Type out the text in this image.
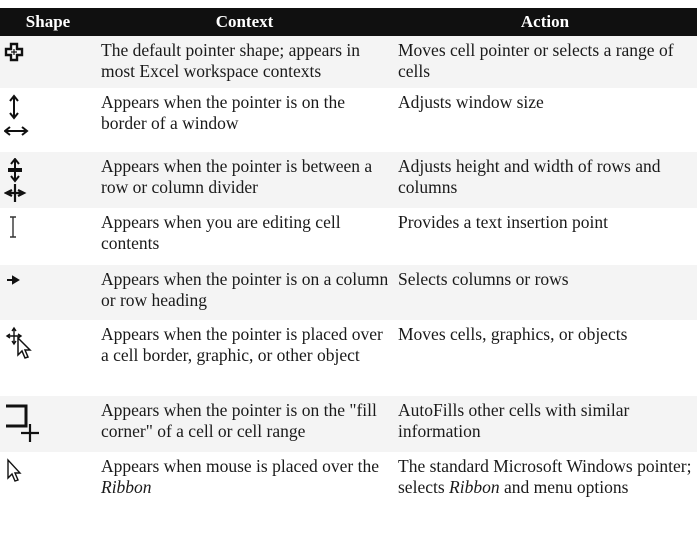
Shape	Context	Action

	The default pointer shape; appears in most Excel workspace contexts	Moves cell pointer or selects a range of cells

	Appears when the pointer is on the border of a window	Adjusts window size

	Appears when the pointer is between a row or column divider	Adjusts height and width of rows and columns

	Appears when you are editing cell contents	Provides a text insertion point

	Appears when the pointer is on a column or row heading	Selects columns or rows

	Appears when the pointer is placed over a cell border, graphic, or other object	Moves cells, graphics, or objects

	Appears when the pointer is on the "fill corner" of a cell or cell range	AutoFills other cells with similar information

	Appears when mouse is placed over the Ribbon	The standard Microsoft Windows pointer; selects Ribbon and menu options
